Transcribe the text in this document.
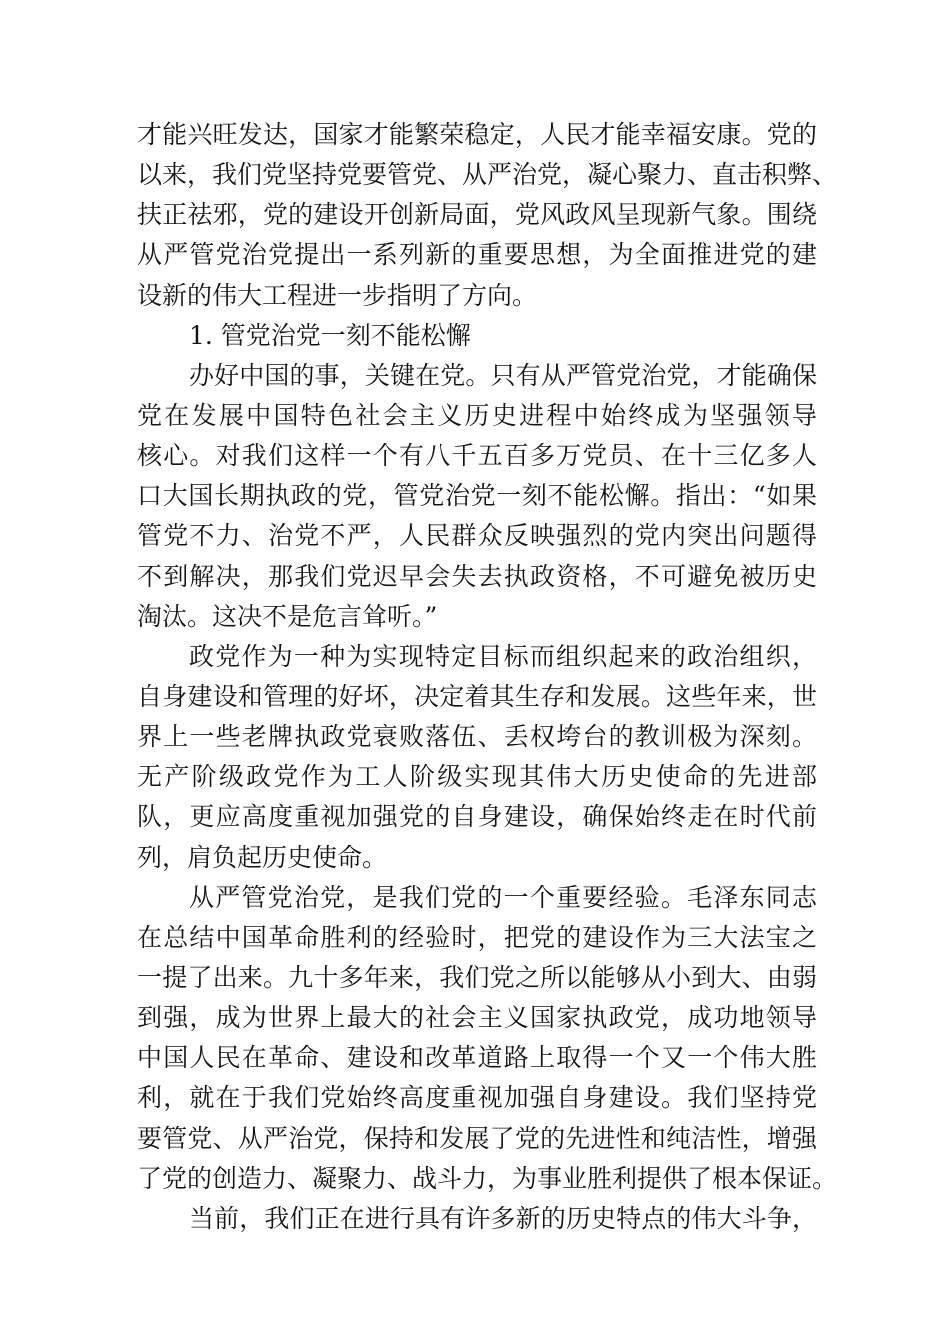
才能兴旺发达，国家才能繁荣稳定，人民才能幸福安康。党的
以来，我们党坚持党要管党、从严治党，凝心聚力、直击积弊、
扶正祛邪，党的建设开创新局面，党风政风呈现新气象。围绕
从严管党治党提出一系列新的重要思想，为全面推进党的建
设新的伟大工程进一步指明了方向。
1. 管党治党一刻不能松懈
办好中国的事，关键在党。只有从严管党治党，才能确保
党在发展中国特色社会主义历史进程中始终成为坚强领导
核心。对我们这样一个有八千五百多万党员、在十三亿多人
口大国长期执政的党，管党治党一刻不能松懈。指出：“如果
管党不力、治党不严，人民群众反映强烈的党内突出问题得
不到解决，那我们党迟早会失去执政资格，不可避免被历史
淘汰。这决不是危言耸听。”
政党作为一种为实现特定目标而组织起来的政治组织，
自身建设和管理的好坏，决定着其生存和发展。这些年来，世
界上一些老牌执政党衰败落伍、丢权垮台的教训极为深刻。
无产阶级政党作为工人阶级实现其伟大历史使命的先进部
队，更应高度重视加强党的自身建设，确保始终走在时代前
列，肩负起历史使命。
从严管党治党，是我们党的一个重要经验。毛泽东同志
在总结中国革命胜利的经验时，把党的建设作为三大法宝之
一提了出来。九十多年来，我们党之所以能够从小到大、由弱
到强，成为世界上最大的社会主义国家执政党，成功地领导
中国人民在革命、建设和改革道路上取得一个又一个伟大胜
利，就在于我们党始终高度重视加强自身建设。我们坚持党
要管党、从严治党，保持和发展了党的先进性和纯洁性，增强
了党的创造力、凝聚力、战斗力，为事业胜利提供了根本保证。
当前，我们正在进行具有许多新的历史特点的伟大斗争，
